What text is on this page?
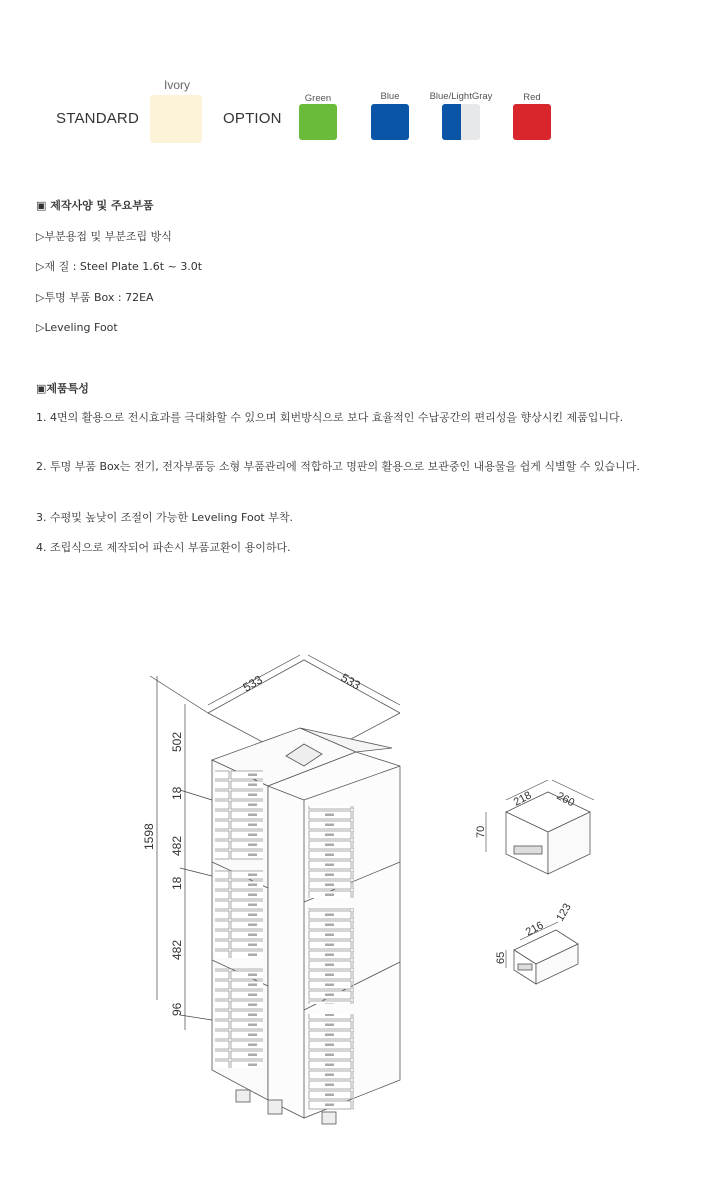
STANDARD
Ivory
OPTION
Green	Blue	Blue/LightGray	Red
▣ 제작사양 및 주요부품
▷부분용접 및 부분조립 방식
▷재 질 : Steel Plate 1.6t ~ 3.0t
▷투명 부품 Box : 72EA
▷Leveling Foot
▣제품특성
1. 4면의 활용으로 전시효과를 극대화할 수 있으며 회번방식으로 보다 효율적인 수납공간의 편리성을 향상시킨 제품입니다.
2. 투명 부품 Box는 전기, 전자부품등 소형 부품관리에 적합하고 명판의 활용으로 보관중인 내용물을 쉽게 식별할 수 있습니다.
3. 수평및 높낮이 조절이 가능한 Leveling Foot 부착.
4. 조립식으로 제작되어 파손시 부품교환이 용이하다.
533	533
1598
502
18
482
18
482
96
218 260
70
216
123
65
